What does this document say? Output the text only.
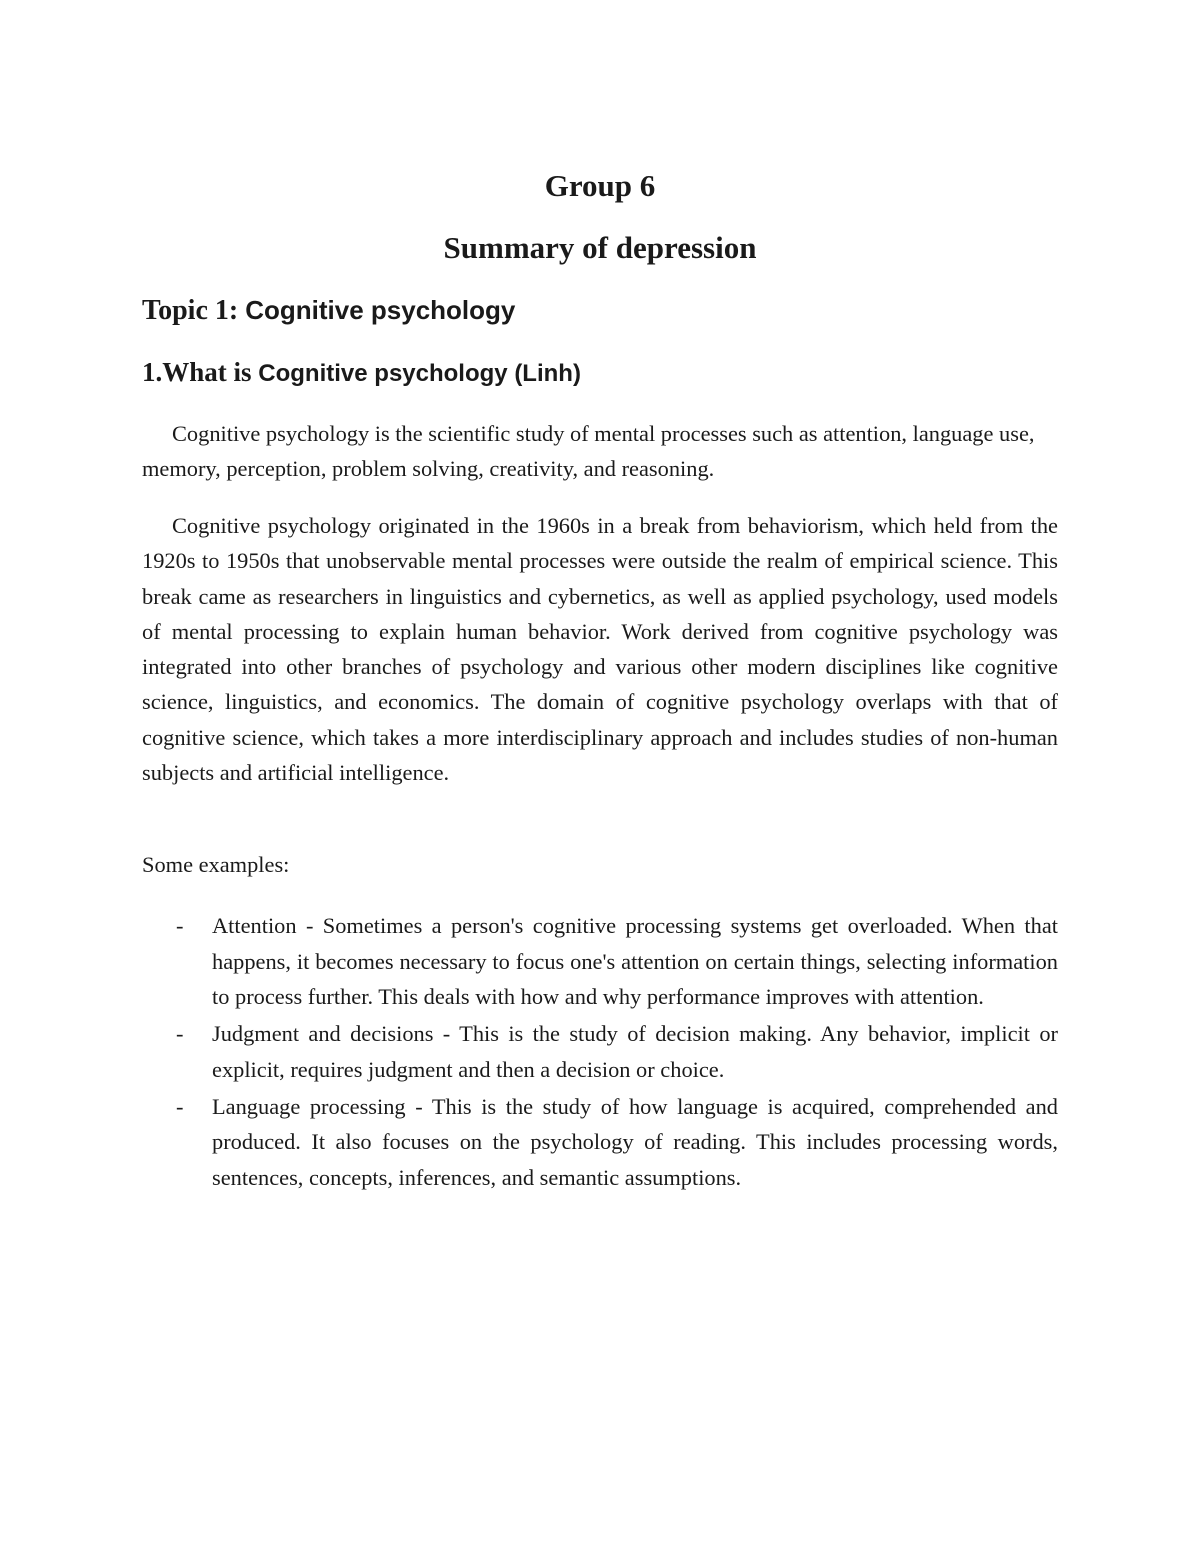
Group 6
Summary of depression
Topic 1: Cognitive psychology
1.What is Cognitive psychology (Linh)

Cognitive psychology is the scientific study of mental processes such as attention, language use, memory, perception, problem solving, creativity, and reasoning.

Cognitive psychology originated in the 1960s in a break from behaviorism, which held from the 1920s to 1950s that unobservable mental processes were outside the realm of empirical science. This break came as researchers in linguistics and cybernetics, as well as applied psychology, used models of mental processing to explain human behavior. Work derived from cognitive psychology was integrated into other branches of psychology and various other modern disciplines like cognitive science, linguistics, and economics. The domain of cognitive psychology overlaps with that of cognitive science, which takes a more interdisciplinary approach and includes studies of non-human subjects and artificial intelligence.

Some examples:

- Attention - Sometimes a person's cognitive processing systems get overloaded. When that happens, it becomes necessary to focus one's attention on certain things, selecting information to process further. This deals with how and why performance improves with attention.
- Judgment and decisions - This is the study of decision making. Any behavior, implicit or explicit, requires judgment and then a decision or choice.
- Language processing - This is the study of how language is acquired, comprehended and produced. It also focuses on the psychology of reading. This includes processing words, sentences, concepts, inferences, and semantic assumptions.
